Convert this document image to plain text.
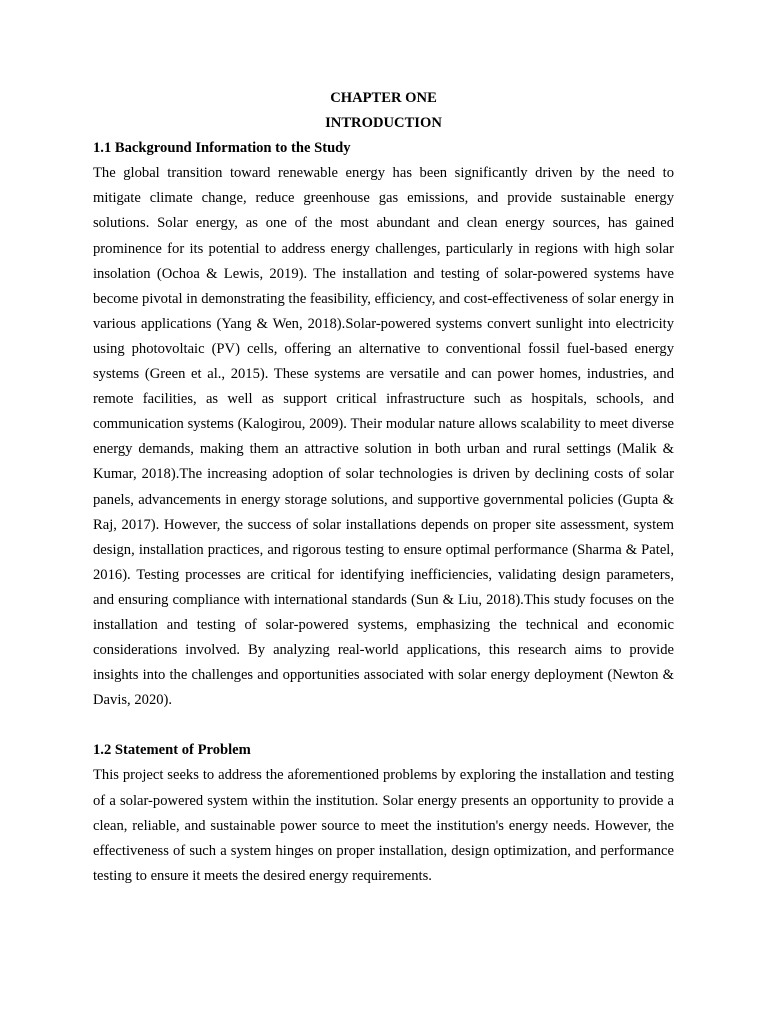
CHAPTER ONE

INTRODUCTION

1.1 Background Information to the Study

The global transition toward renewable energy has been significantly driven by the need to mitigate climate change, reduce greenhouse gas emissions, and provide sustainable energy solutions. Solar energy, as one of the most abundant and clean energy sources, has gained prominence for its potential to address energy challenges, particularly in regions with high solar insolation (Ochoa & Lewis, 2019). The installation and testing of solar-powered systems have become pivotal in demonstrating the feasibility, efficiency, and cost-effectiveness of solar energy in various applications (Yang & Wen, 2018).Solar-powered systems convert sunlight into electricity using photovoltaic (PV) cells, offering an alternative to conventional fossil fuel-based energy systems (Green et al., 2015). These systems are versatile and can power homes, industries, and remote facilities, as well as support critical infrastructure such as hospitals, schools, and communication systems (Kalogirou, 2009). Their modular nature allows scalability to meet diverse energy demands, making them an attractive solution in both urban and rural settings (Malik & Kumar, 2018).The increasing adoption of solar technologies is driven by declining costs of solar panels, advancements in energy storage solutions, and supportive governmental policies (Gupta & Raj, 2017). However, the success of solar installations depends on proper site assessment, system design, installation practices, and rigorous testing to ensure optimal performance (Sharma & Patel, 2016). Testing processes are critical for identifying inefficiencies, validating design parameters, and ensuring compliance with international standards (Sun & Liu, 2018).This study focuses on the installation and testing of solar-powered systems, emphasizing the technical and economic considerations involved. By analyzing real-world applications, this research aims to provide insights into the challenges and opportunities associated with solar energy deployment (Newton & Davis, 2020).

1.2 Statement of Problem

This project seeks to address the aforementioned problems by exploring the installation and testing of a solar-powered system within the institution. Solar energy presents an opportunity to provide a clean, reliable, and sustainable power source to meet the institution's energy needs. However, the effectiveness of such a system hinges on proper installation, design optimization, and performance testing to ensure it meets the desired energy requirements.
